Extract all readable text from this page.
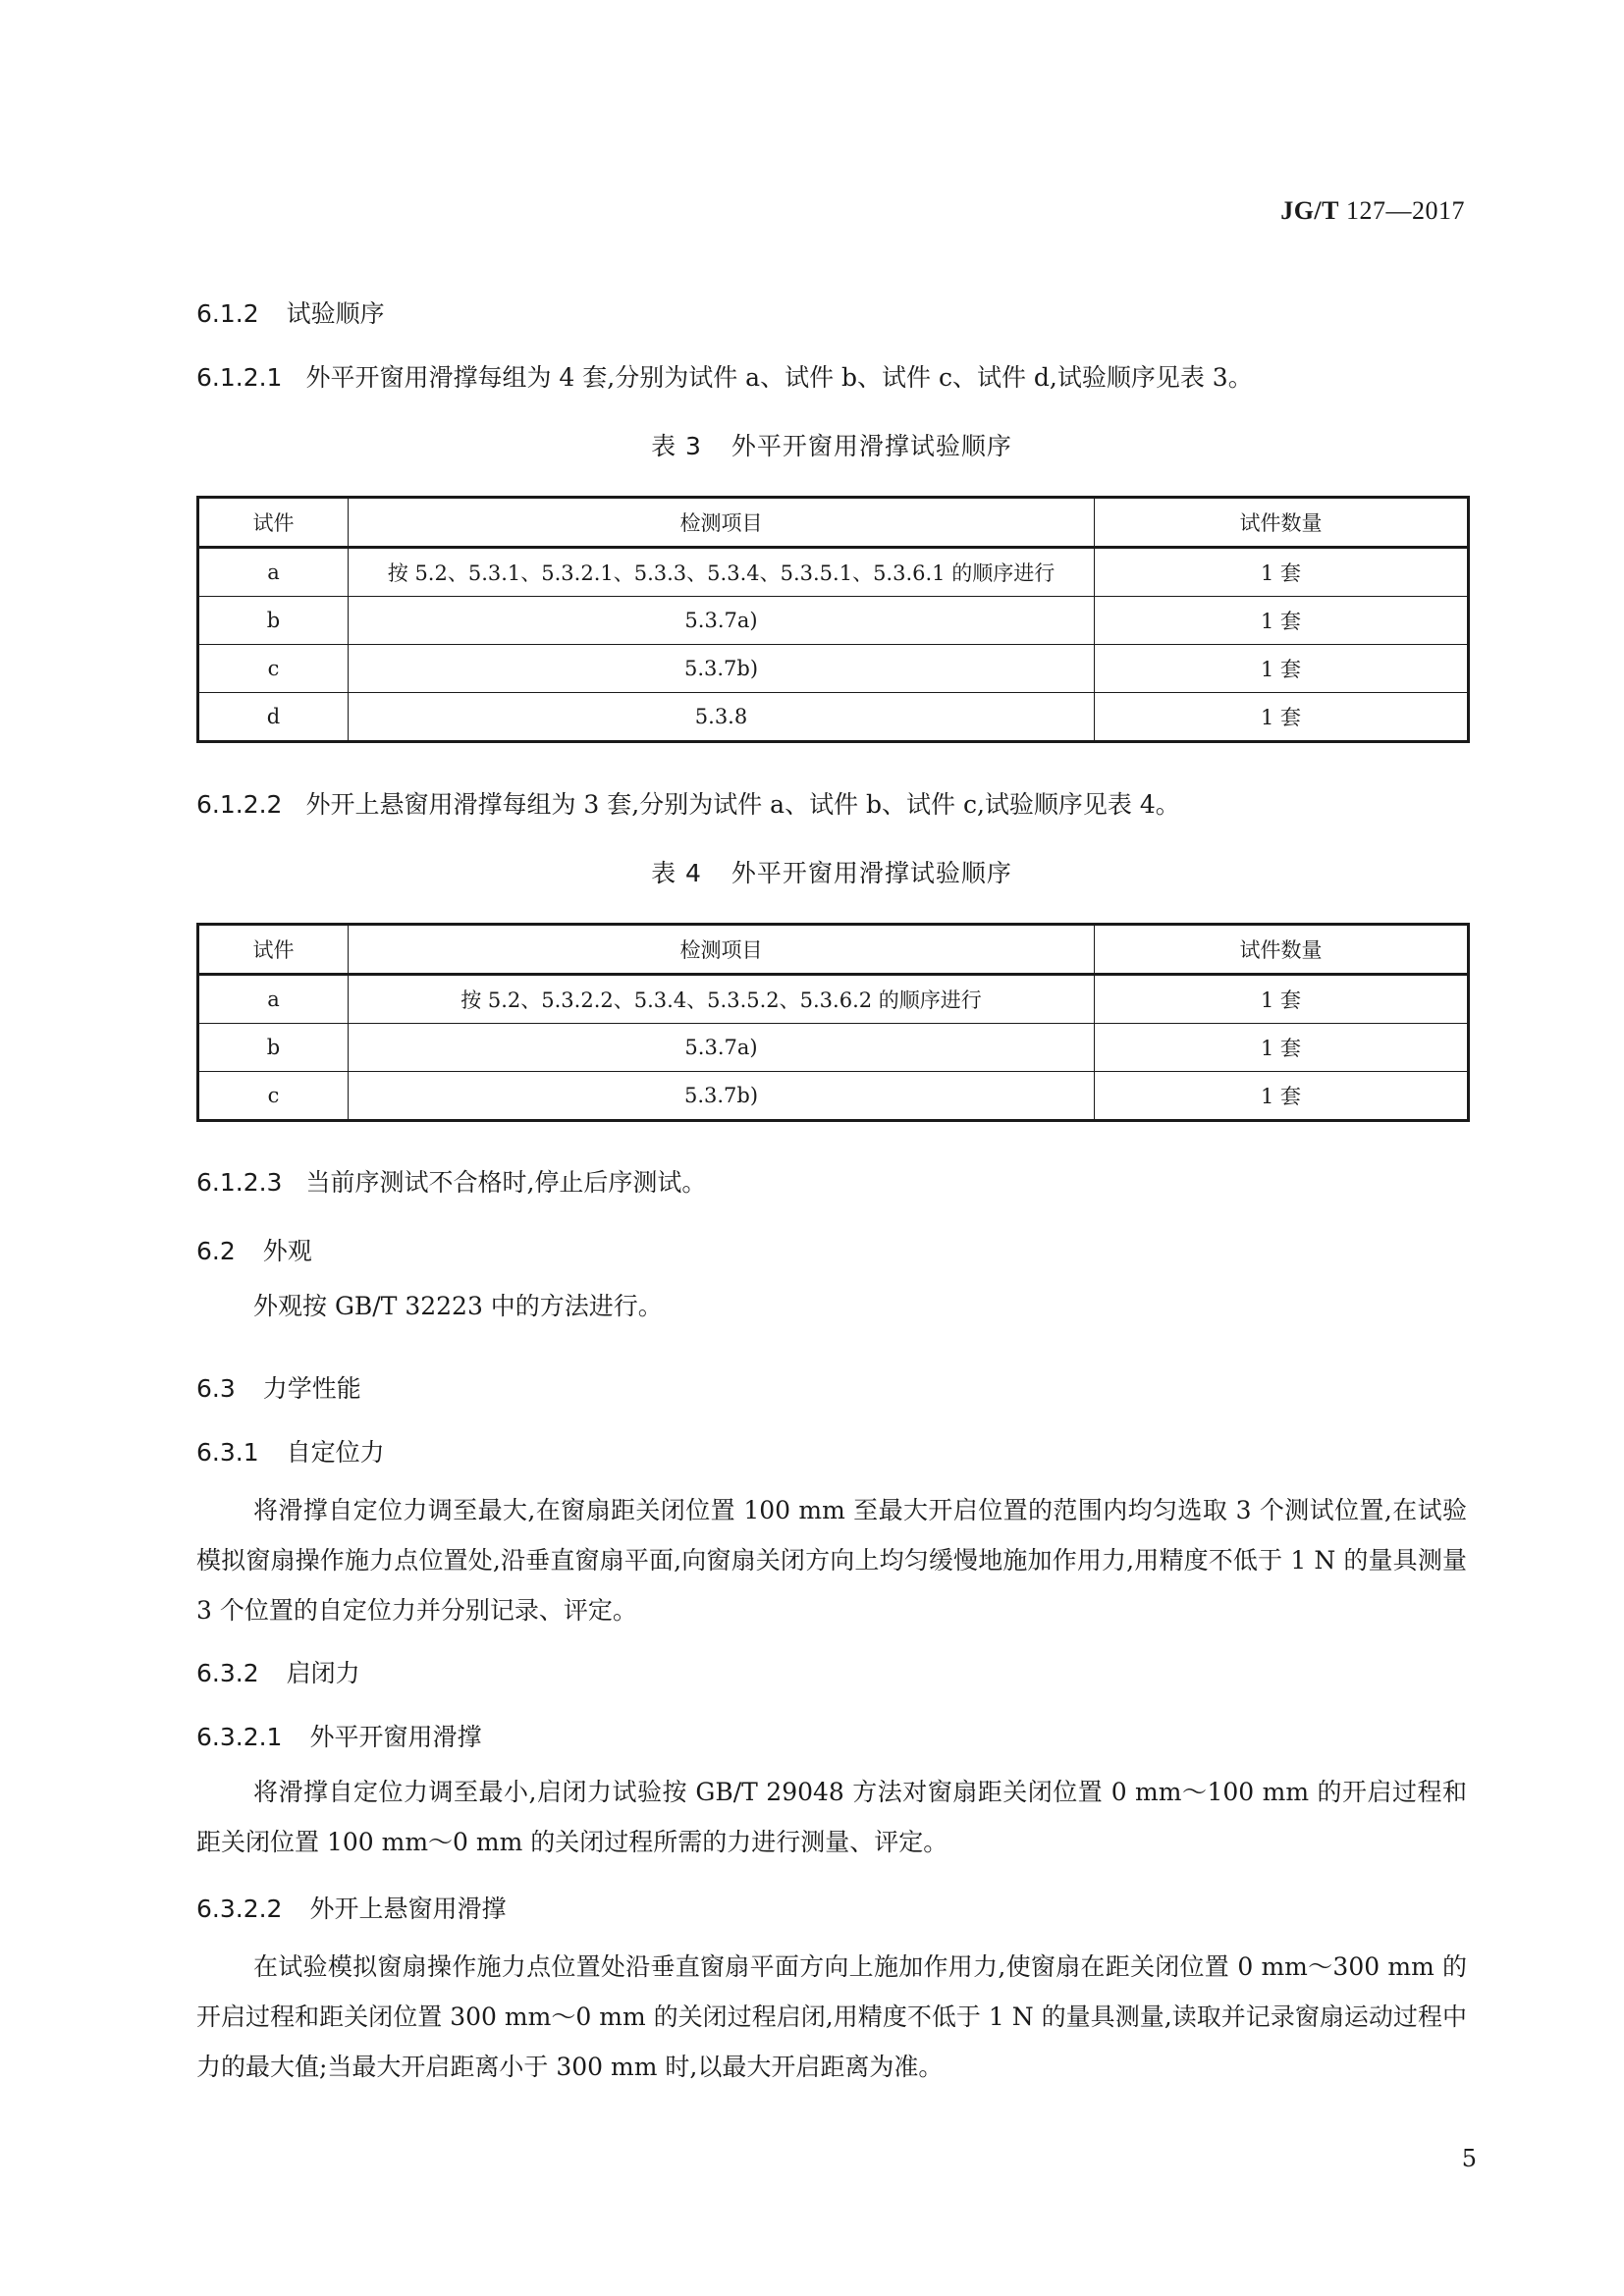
JG/T 127—2017
6.1.2 试验顺序
6.1.2.1 外平开窗用滑撑每组为 4 套,分别为试件 a、试件 b、试件 c、试件 d,试验顺序见表 3。
表 3 外平开窗用滑撑试验顺序
试件	检测项目	试件数量
a	按 5.2、5.3.1、5.3.2.1、5.3.3、5.3.4、5.3.5.1、5.3.6.1 的顺序进行	1 套
b	5.3.7a)	1 套
c	5.3.7b)	1 套
d	5.3.8	1 套
6.1.2.2 外开上悬窗用滑撑每组为 3 套,分别为试件 a、试件 b、试件 c,试验顺序见表 4。
表 4 外平开窗用滑撑试验顺序
试件	检测项目	试件数量
a	按 5.2、5.3.2.2、5.3.4、5.3.5.2、5.3.6.2 的顺序进行	1 套
b	5.3.7a)	1 套
c	5.3.7b)	1 套
6.1.2.3 当前序测试不合格时,停止后序测试。
6.2 外观
外观按 GB/T 32223 中的方法进行。
6.3 力学性能
6.3.1 自定位力
将滑撑自定位力调至最大,在窗扇距关闭位置 100 mm 至最大开启位置的范围内均匀选取 3 个测试位置,在试验模拟窗扇操作施力点位置处,沿垂直窗扇平面,向窗扇关闭方向上均匀缓慢地施加作用力,用精度不低于 1 N 的量具测量 3 个位置的自定位力并分别记录、评定。
6.3.2 启闭力
6.3.2.1 外平开窗用滑撑
将滑撑自定位力调至最小,启闭力试验按 GB/T 29048 方法对窗扇距关闭位置 0 mm～100 mm 的开启过程和距关闭位置 100 mm～0 mm 的关闭过程所需的力进行测量、评定。
6.3.2.2 外开上悬窗用滑撑
在试验模拟窗扇操作施力点位置处沿垂直窗扇平面方向上施加作用力,使窗扇在距关闭位置 0 mm～300 mm 的开启过程和距关闭位置 300 mm～0 mm 的关闭过程启闭,用精度不低于 1 N 的量具测量,读取并记录窗扇运动过程中力的最大值;当最大开启距离小于 300 mm 时,以最大开启距离为准。
5
